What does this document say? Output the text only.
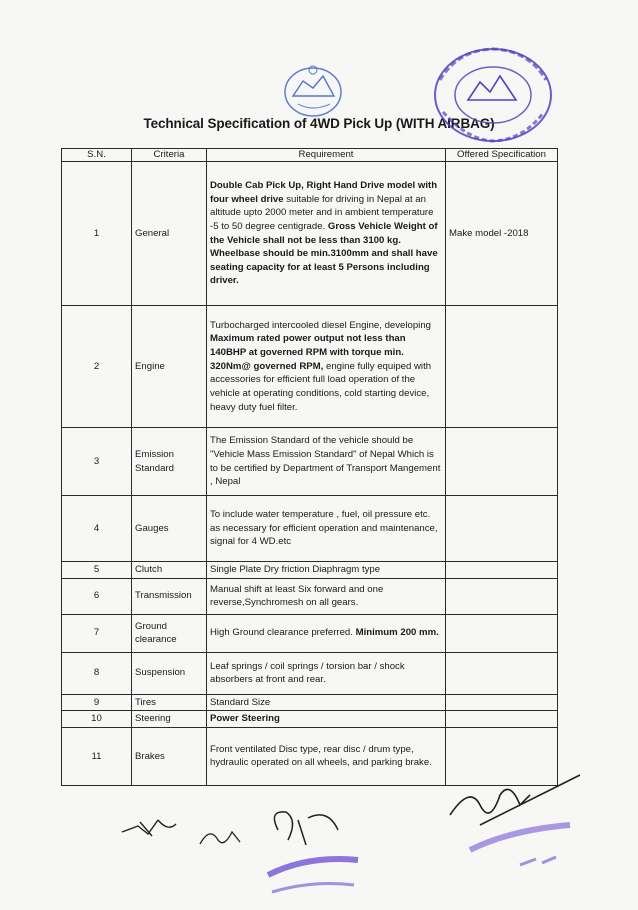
Technical Specification of 4WD Pick Up (WITH AIRBAG)
S.N.	Criteria	Requirement	Offered Specification
1	General	Double Cab Pick Up, Right Hand Drive model with four wheel drive suitable for driving in Nepal at an altitude upto 2000 meter and in ambient temperature -5 to 50 degree centigrade. Gross Vehicle Weight of the Vehicle shall not be less than 3100 kg. Wheelbase should be min.3100mm and shall have seating capacity for at least 5 Persons including driver.	Make model -2018
2	Engine	Turbocharged intercooled diesel Engine, developing Maximum rated power output not less than 140BHP at governed RPM with torque min. 320Nm@ governed RPM, engine fully equiped with accessories for efficient full load operation of the vehicle at operating conditions, cold starting device, heavy duty fuel filter.	
3	Emission Standard	The Emission Standard of the vehicle should be "Vehicle Mass Emission Standard" of Nepal Which is to be certified by Department of Transport Mangement , Nepal	
4	Gauges	To include water temperature , fuel, oil pressure etc. as necessary for efficient operation and maintenance, signal for 4 WD.etc	
5	Clutch	Single Plate Dry friction Diaphragm type	
6	Transmission	Manual shift at least Six forward and one reverse,Synchromesh on all gears.	
7	Ground clearance	High Ground clearance preferred. Minimum 200 mm.	
8	Suspension	Leaf springs / coil springs / torsion bar / shock absorbers at front and rear.	
9	Tires	Standard Size	
10	Steering	Power Steering	
11	Brakes	Front ventilated Disc type, rear disc / drum type, hydraulic operated on all wheels, and parking brake.	
